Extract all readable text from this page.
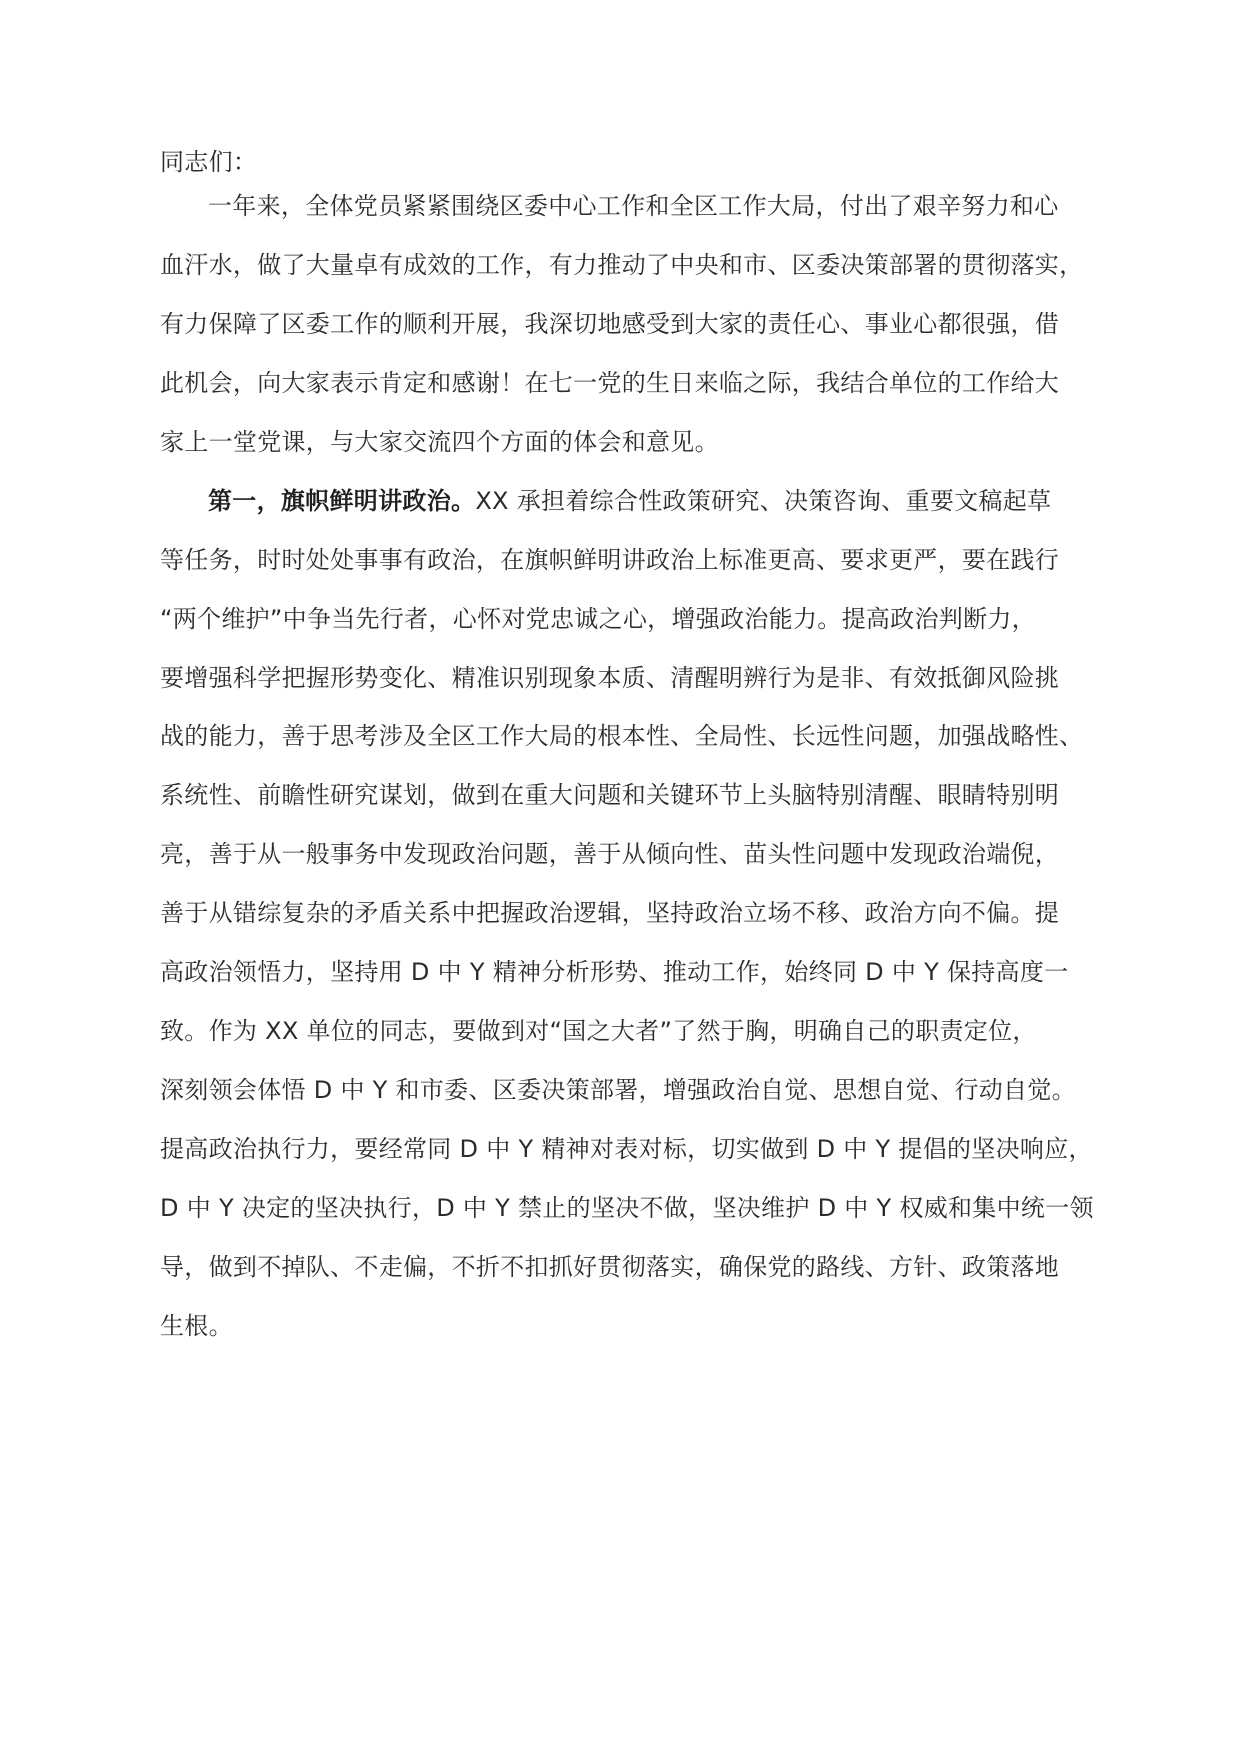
同志们：
一年来，全体党员紧紧围绕区委中心工作和全区工作大局，付出了艰辛努力和心
血汗水，做了大量卓有成效的工作，有力推动了中央和市、区委决策部署的贯彻落实，
有力保障了区委工作的顺利开展，我深切地感受到大家的责任心、事业心都很强，借
此机会，向大家表示肯定和感谢！在七一党的生日来临之际，我结合单位的工作给大
家上一堂党课，与大家交流四个方面的体会和意见。
第一，旗帜鲜明讲政治。XX 承担着综合性政策研究、决策咨询、重要文稿起草
等任务，时时处处事事有政治，在旗帜鲜明讲政治上标准更高、要求更严，要在践行
“两个维护”中争当先行者，心怀对党忠诚之心，增强政治能力。提高政治判断力，
要增强科学把握形势变化、精准识别现象本质、清醒明辨行为是非、有效抵御风险挑
战的能力，善于思考涉及全区工作大局的根本性、全局性、长远性问题，加强战略性、
系统性、前瞻性研究谋划，做到在重大问题和关键环节上头脑特别清醒、眼睛特别明
亮，善于从一般事务中发现政治问题，善于从倾向性、苗头性问题中发现政治端倪，
善于从错综复杂的矛盾关系中把握政治逻辑，坚持政治立场不移、政治方向不偏。提
高政治领悟力，坚持用 D 中 Y 精神分析形势、推动工作，始终同 D 中 Y 保持高度一
致。作为 XX 单位的同志，要做到对“国之大者”了然于胸，明确自己的职责定位，
深刻领会体悟 D 中 Y 和市委、区委决策部署，增强政治自觉、思想自觉、行动自觉。
提高政治执行力，要经常同 D 中 Y 精神对表对标，切实做到 D 中 Y 提倡的坚决响应，
D 中 Y 决定的坚决执行，D 中 Y 禁止的坚决不做，坚决维护 D 中 Y 权威和集中统一领
导，做到不掉队、不走偏，不折不扣抓好贯彻落实，确保党的路线、方针、政策落地
生根。
